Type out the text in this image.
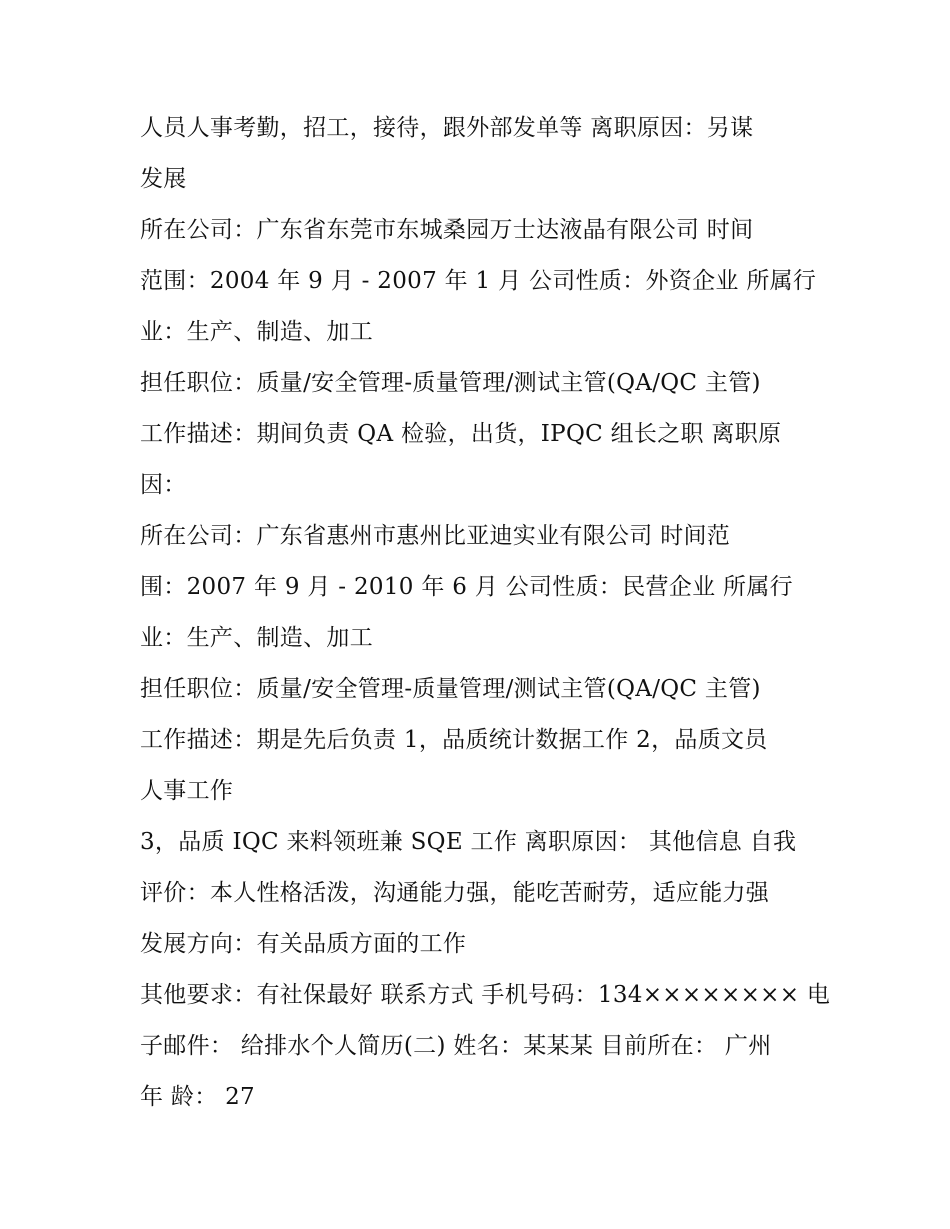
人员人事考勤，招工，接待，跟外部发单等 离职原因：另谋
发展
所在公司：广东省东莞市东城桑园万士达液晶有限公司 时间
范围：2004 年 9 月 - 2007 年 1 月 公司性质：外资企业 所属行
业：生产、制造、加工
担任职位：质量/安全管理-质量管理/测试主管(QA/QC 主管)
工作描述：期间负责 QA 检验，出货，IPQC 组长之职 离职原
因：
所在公司：广东省惠州市惠州比亚迪实业有限公司 时间范
围：2007 年 9 月 - 2010 年 6 月 公司性质：民营企业 所属行
业：生产、制造、加工
担任职位：质量/安全管理-质量管理/测试主管(QA/QC 主管)
工作描述：期是先后负责 1，品质统计数据工作 2，品质文员
人事工作
3，品质 IQC 来料领班兼 SQE 工作 离职原因： 其他信息 自我
评价：本人性格活泼，沟通能力强，能吃苦耐劳，适应能力强
发展方向：有关品质方面的工作
其他要求：有社保最好 联系方式 手机号码：134×××××××× 电
子邮件： 给排水个人简历(二) 姓名：某某某 目前所在： 广州
年 龄： 27
